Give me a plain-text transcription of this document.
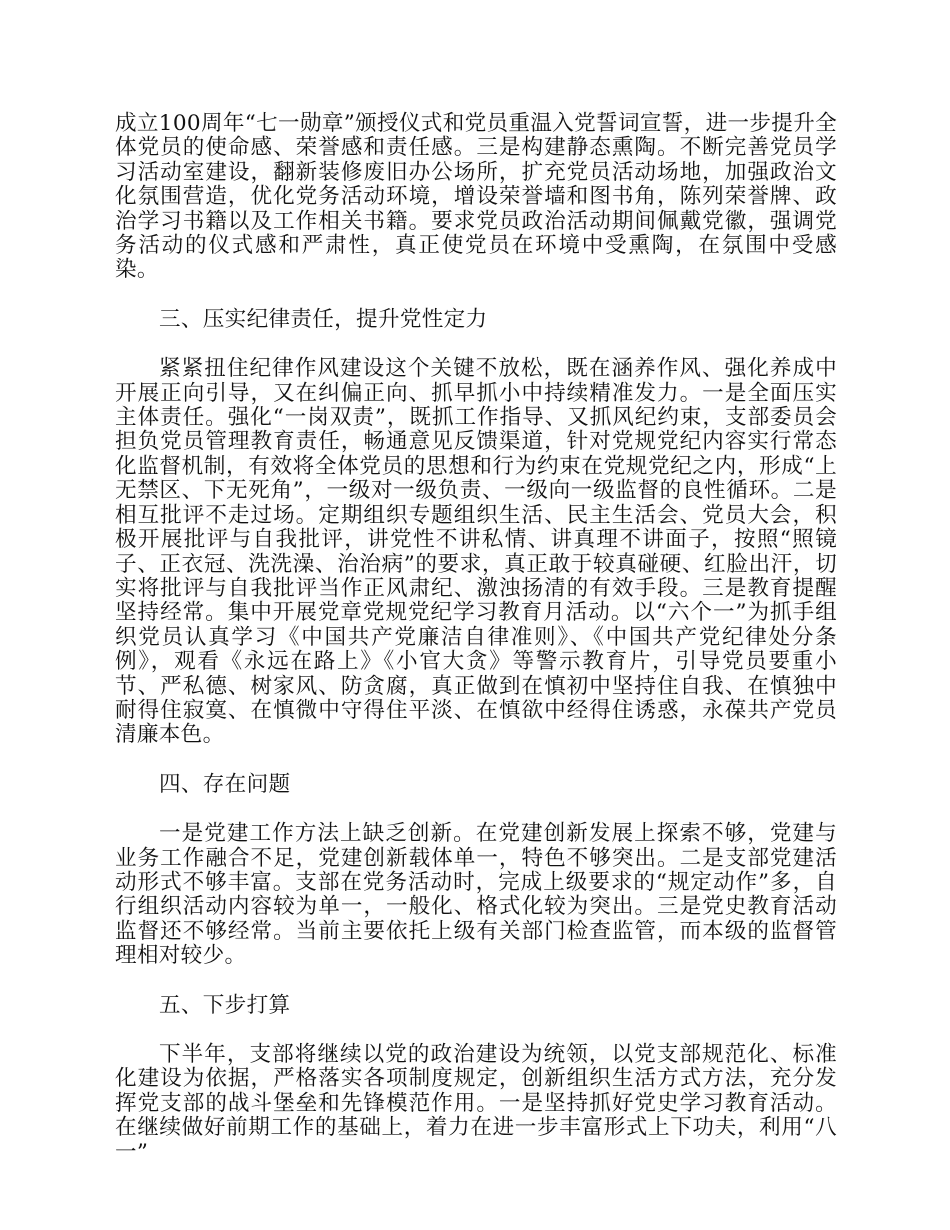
成立100周年“七一勋章”颁授仪式和党员重温入党誓词宣誓，进一步提升全体党员的使命感、荣誉感和责任感。三是构建静态熏陶。不断完善党员学习活动室建设，翻新装修废旧办公场所，扩充党员活动场地，加强政治文化氛围营造，优化党务活动环境，增设荣誉墙和图书角，陈列荣誉牌、政治学习书籍以及工作相关书籍。要求党员政治活动期间佩戴党徽，强调党务活动的仪式感和严肃性，真正使党员在环境中受熏陶，在氛围中受感染。

三、压实纪律责任，提升党性定力

紧紧扭住纪律作风建设这个关键不放松，既在涵养作风、强化养成中开展正向引导，又在纠偏正向、抓早抓小中持续精准发力。一是全面压实主体责任。强化“一岗双责”，既抓工作指导、又抓风纪约束，支部委员会担负党员管理教育责任，畅通意见反馈渠道，针对党规党纪内容实行常态化监督机制，有效将全体党员的思想和行为约束在党规党纪之内，形成“上无禁区、下无死角”，一级对一级负责、一级向一级监督的良性循环。二是相互批评不走过场。定期组织专题组织生活、民主生活会、党员大会，积极开展批评与自我批评，讲党性不讲私情、讲真理不讲面子，按照“照镜子、正衣冠、洗洗澡、治治病”的要求，真正敢于较真碰硬、红脸出汗，切实将批评与自我批评当作正风肃纪、激浊扬清的有效手段。三是教育提醒坚持经常。集中开展党章党规党纪学习教育月活动。以“六个一”为抓手组织党员认真学习《中国共产党廉洁自律准则》、《中国共产党纪律处分条例》，观看《永远在路上》《小官大贪》等警示教育片，引导党员要重小节、严私德、树家风、防贪腐，真正做到在慎初中坚持住自我、在慎独中耐得住寂寞、在慎微中守得住平淡、在慎欲中经得住诱惑，永葆共产党员清廉本色。

四、存在问题

一是党建工作方法上缺乏创新。在党建创新发展上探索不够，党建与业务工作融合不足，党建创新载体单一，特色不够突出。二是支部党建活动形式不够丰富。支部在党务活动时，完成上级要求的“规定动作”多，自行组织活动内容较为单一，一般化、格式化较为突出。三是党史教育活动监督还不够经常。当前主要依托上级有关部门检查监管，而本级的监督管理相对较少。

五、下步打算

下半年，支部将继续以党的政治建设为统领，以党支部规范化、标准化建设为依据，严格落实各项制度规定，创新组织生活方式方法，充分发挥党支部的战斗堡垒和先锋模范作用。一是坚持抓好党史学习教育活动。在继续做好前期工作的基础上，着力在进一步丰富形式上下功夫，利用“八一”
